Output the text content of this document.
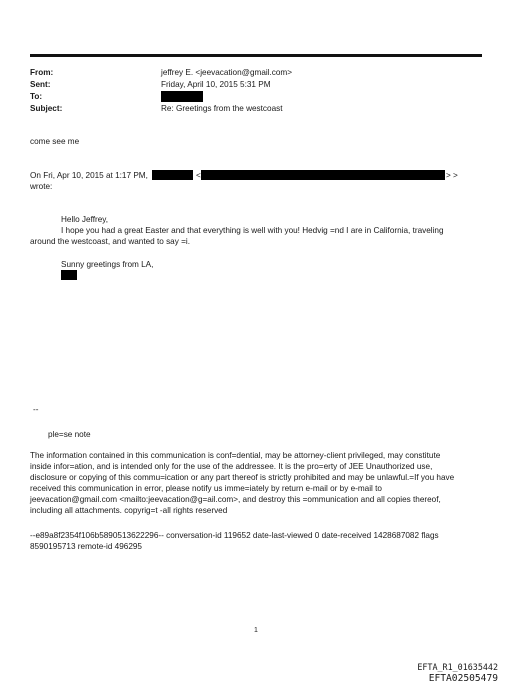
From:	jeffrey E. <jeevacation@gmail.com>
Sent:	Friday, April 10, 2015 5:31 PM
To:
Subject:	Re: Greetings from the westcoast
come see me
On Fri, Apr 10, 2015 at 1:17 PM,	<	> >
wrote:
Hello Jeffrey,
I hope you had a great Easter and that everything is well with you! Hedvig =nd I are in California, traveling
around the westcoast, and wanted to say =i.
Sunny greetings from LA,
--
ple=se note
The information contained in this communication is conf=dential, may be attorney-client privileged, may constitute
inside infor=ation, and is intended only for the use of the addressee. It is the pro=erty of JEE Unauthorized use,
disclosure or copying of this commu=ication or any part thereof is strictly prohibited and may be unlawful.=If you have
received this communication in error, please notify us imme=iately by return e-mail or by e-mail to
jeevacation@gmail.com <mailto:jeevacation@g=ail.com>, and destroy this =ommunication and all copies thereof,
including all attachments. copyrig=t -all rights reserved
--e89a8f2354f106b5890513622296-- conversation-id 119652 date-last-viewed 0 date-received 1428687082 flags
8590195713 remote-id 496295
1
EFTA_R1_01635442
EFTA02505479
